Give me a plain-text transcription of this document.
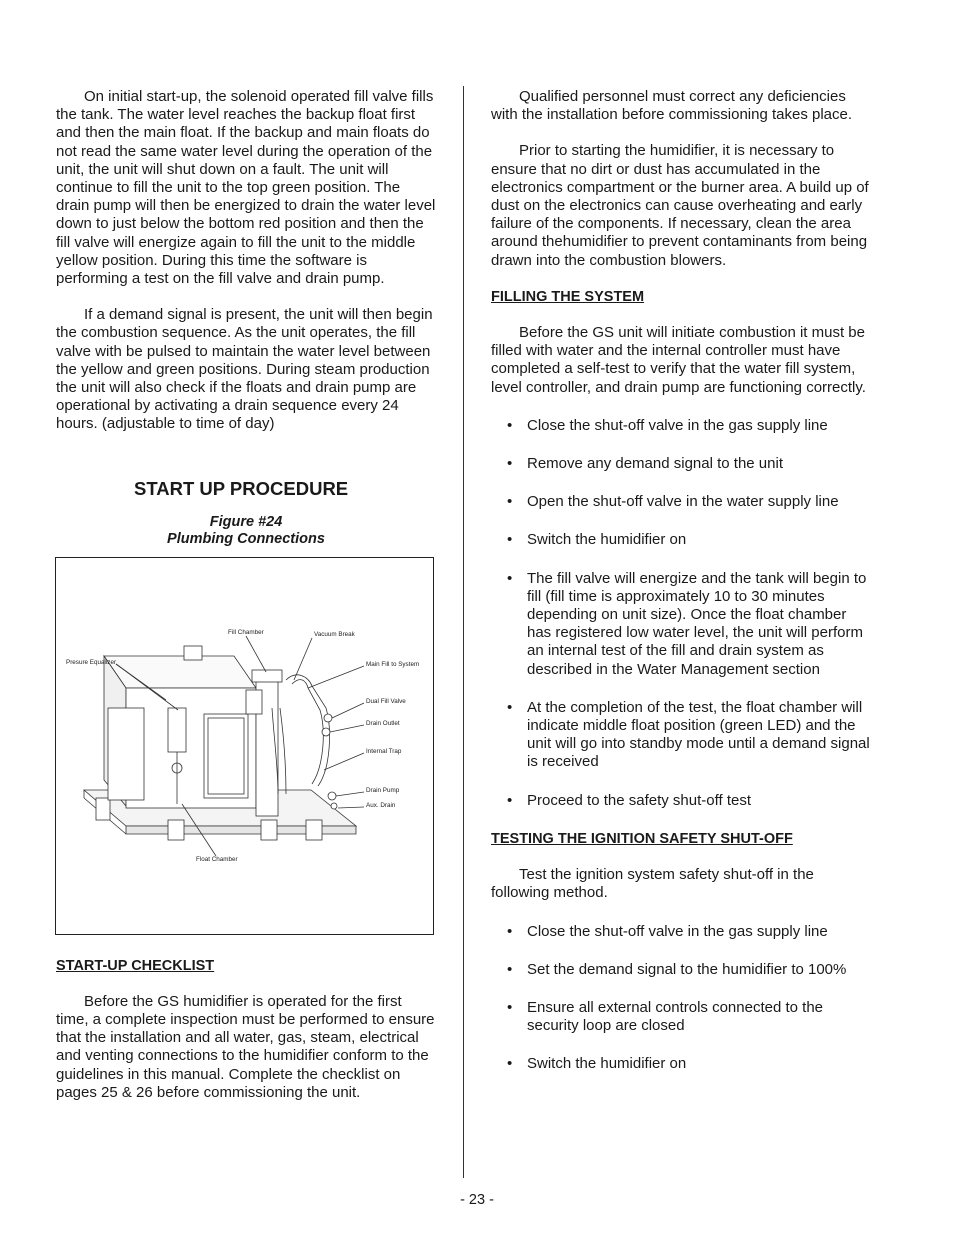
On initial start-up, the solenoid operated fill valve fills the tank. The water level reaches the backup float first and then the main float. If the backup and main floats do not read the same water level during the operation of the unit, the unit will shut down on a fault. The unit will continue to fill the unit to the top green position. The drain pump will then be energized to drain the water level down to just below the bottom red position and then the fill valve will energize again to fill the unit to the middle yellow position. During this time the software is performing a test on the fill valve and drain pump.

If a demand signal is present, the unit will then begin the combustion sequence. As the unit operates, the fill valve with be pulsed to maintain the water level between the yellow and green positions. During steam production the unit will also check if the floats and drain pump are operational by activating a drain sequence every 24 hours. (adjustable to time of day)

START UP PROCEDURE

Figure #24

Plumbing Connections

Fill Chamber	Vacuum Break
Presure Equalizer	Main Fill to System
Dual Fill Valve
Drain Outlet
Internal Trap
Drain Pump
Aux. Drain
Float Chamber

START-UP CHECKLIST

Before the GS humidifier is operated for the first time, a complete inspection must be performed to ensure that the installation and all water, gas, steam, electrical and venting connections to the humidifier conform to the guidelines in this manual. Complete the checklist on pages 25 & 26 before commissioning the unit.

Qualified personnel must correct any deficiencies with the installation before commissioning takes place.

Prior to starting the humidifier, it is necessary to ensure that no dirt or dust has accumulated in the electronics compartment or the burner area. A build up of dust on the electronics can cause overheating and early failure of the components. If necessary, clean the area around thehumidifier to prevent contaminants from being drawn into the combustion blowers.

FILLING THE SYSTEM

Before the GS unit will initiate combustion it must be filled with water and the internal controller must have completed a self-test to verify that the water fill system, level controller, and drain pump are functioning correctly.

• Close the shut-off valve in the gas supply line
• Remove any demand signal to the unit
• Open the shut-off valve in the water supply line
• Switch the humidifier on
• The fill valve will energize and the tank will begin to fill (fill time is approximately 10 to 30 minutes depending on unit size). Once the float chamber has registered low water level, the unit will perform an internal test of the fill and drain system as described in the Water Management section
• At the completion of the test, the float chamber will indicate middle float position (green LED) and the unit will go into standby mode until a demand signal is received
• Proceed to the safety shut-off test

TESTING THE IGNITION SAFETY SHUT-OFF

Test the ignition system safety shut-off in the following method.

• Close the shut-off valve in the gas supply line
• Set the demand signal to the humidifier to 100%
• Ensure all external controls connected to the security loop are closed
• Switch the humidifier on
- 23 -
